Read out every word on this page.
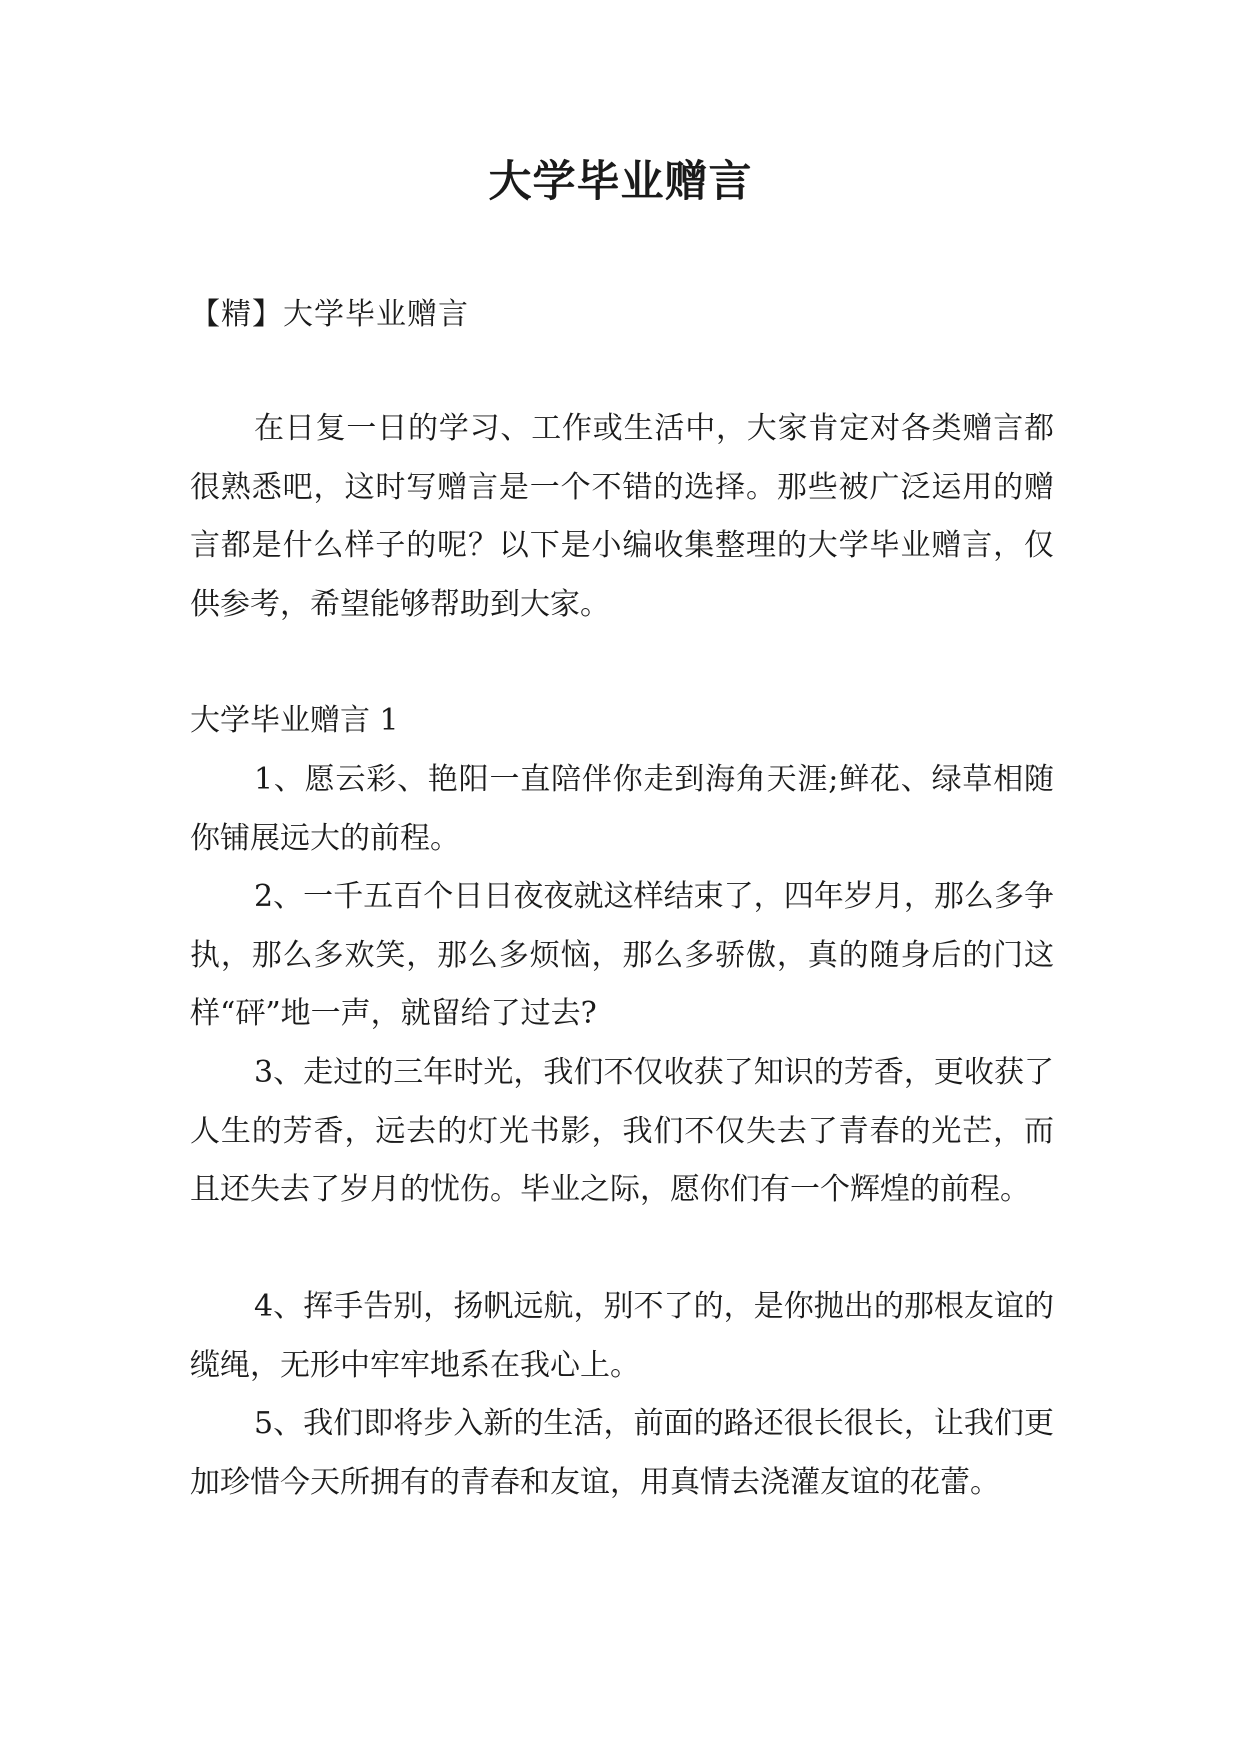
大学毕业赠言

【精】大学毕业赠言

在日复一日的学习、工作或生活中，大家肯定对各类赠言都很熟悉吧，这时写赠言是一个不错的选择。那些被广泛运用的赠言都是什么样子的呢？以下是小编收集整理的大学毕业赠言，仅供参考，希望能够帮助到大家。

大学毕业赠言 1

1、愿云彩、艳阳一直陪伴你走到海角天涯;鲜花、绿草相随你铺展远大的前程。

2、一千五百个日日夜夜就这样结束了，四年岁月，那么多争执，那么多欢笑，那么多烦恼，那么多骄傲，真的随身后的门这样“砰”地一声，就留给了过去?

3、走过的三年时光，我们不仅收获了知识的芳香，更收获了人生的芳香，远去的灯光书影，我们不仅失去了青春的光芒，而且还失去了岁月的忧伤。毕业之际，愿你们有一个辉煌的前程。

4、挥手告别，扬帆远航，别不了的，是你抛出的那根友谊的缆绳，无形中牢牢地系在我心上。

5、我们即将步入新的生活，前面的路还很长很长，让我们更加珍惜今天所拥有的青春和友谊，用真情去浇灌友谊的花蕾。
